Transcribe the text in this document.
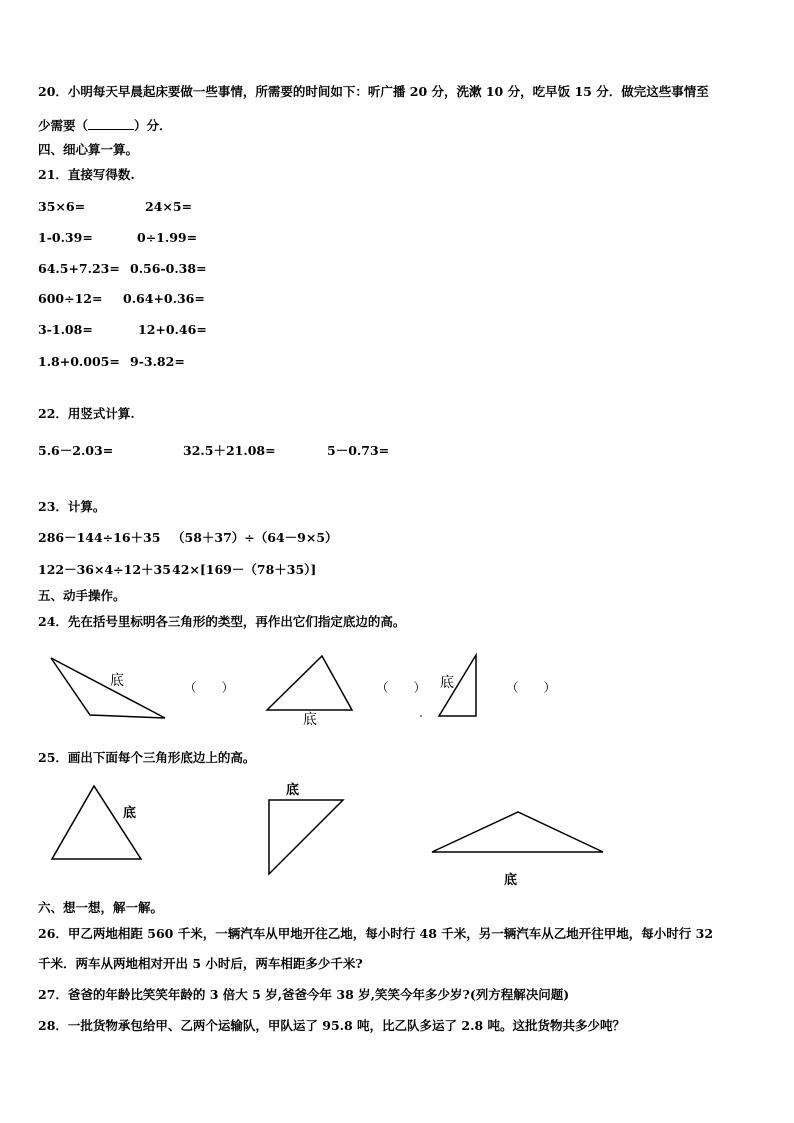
20．小明每天早晨起床要做一些事情，所需要的时间如下：听广播 20 分，洗漱 10 分，吃早饭 15 分．做完这些事情至
少需要（	）分．
四、细心算一算。
21．直接写得数.
35×6=	24×5=
1-0.39=	0÷1.99=
64.5+7.23= 0.56-0.38=
600÷12= 0.64+0.36=
3-1.08=	12+0.46=
1.8+0.005= 9-3.82=
22．用竖式计算.
5.6－2.03=	32.5＋21.08=	5－0.73=
23．计算。
286－144÷16＋35 （58＋37）÷（64－9×5）
122－36×4÷12＋35 42×[169－（78＋35）]
五、动手操作。
24．先在括号里标明各三角形的类型，再作出它们指定底边的高。
底
底
底
（　　）	（　　）	（　　）
25．画出下面每个三角形底边上的高。
底
底
底
六、想一想，解一解。
26．甲乙两地相距 560 千米，一辆汽车从甲地开往乙地，每小时行 48 千米，另一辆汽车从乙地开往甲地，每小时行 32
千米．两车从两地相对开出 5 小时后，两车相距多少千米?
27．爸爸的年龄比笑笑年龄的 3 倍大 5 岁,爸爸今年 38 岁,笑笑今年多少岁?(列方程解决问题)
28．一批货物承包给甲、乙两个运输队，甲队运了 95.8 吨，比乙队多运了 2.8 吨。这批货物共多少吨？
